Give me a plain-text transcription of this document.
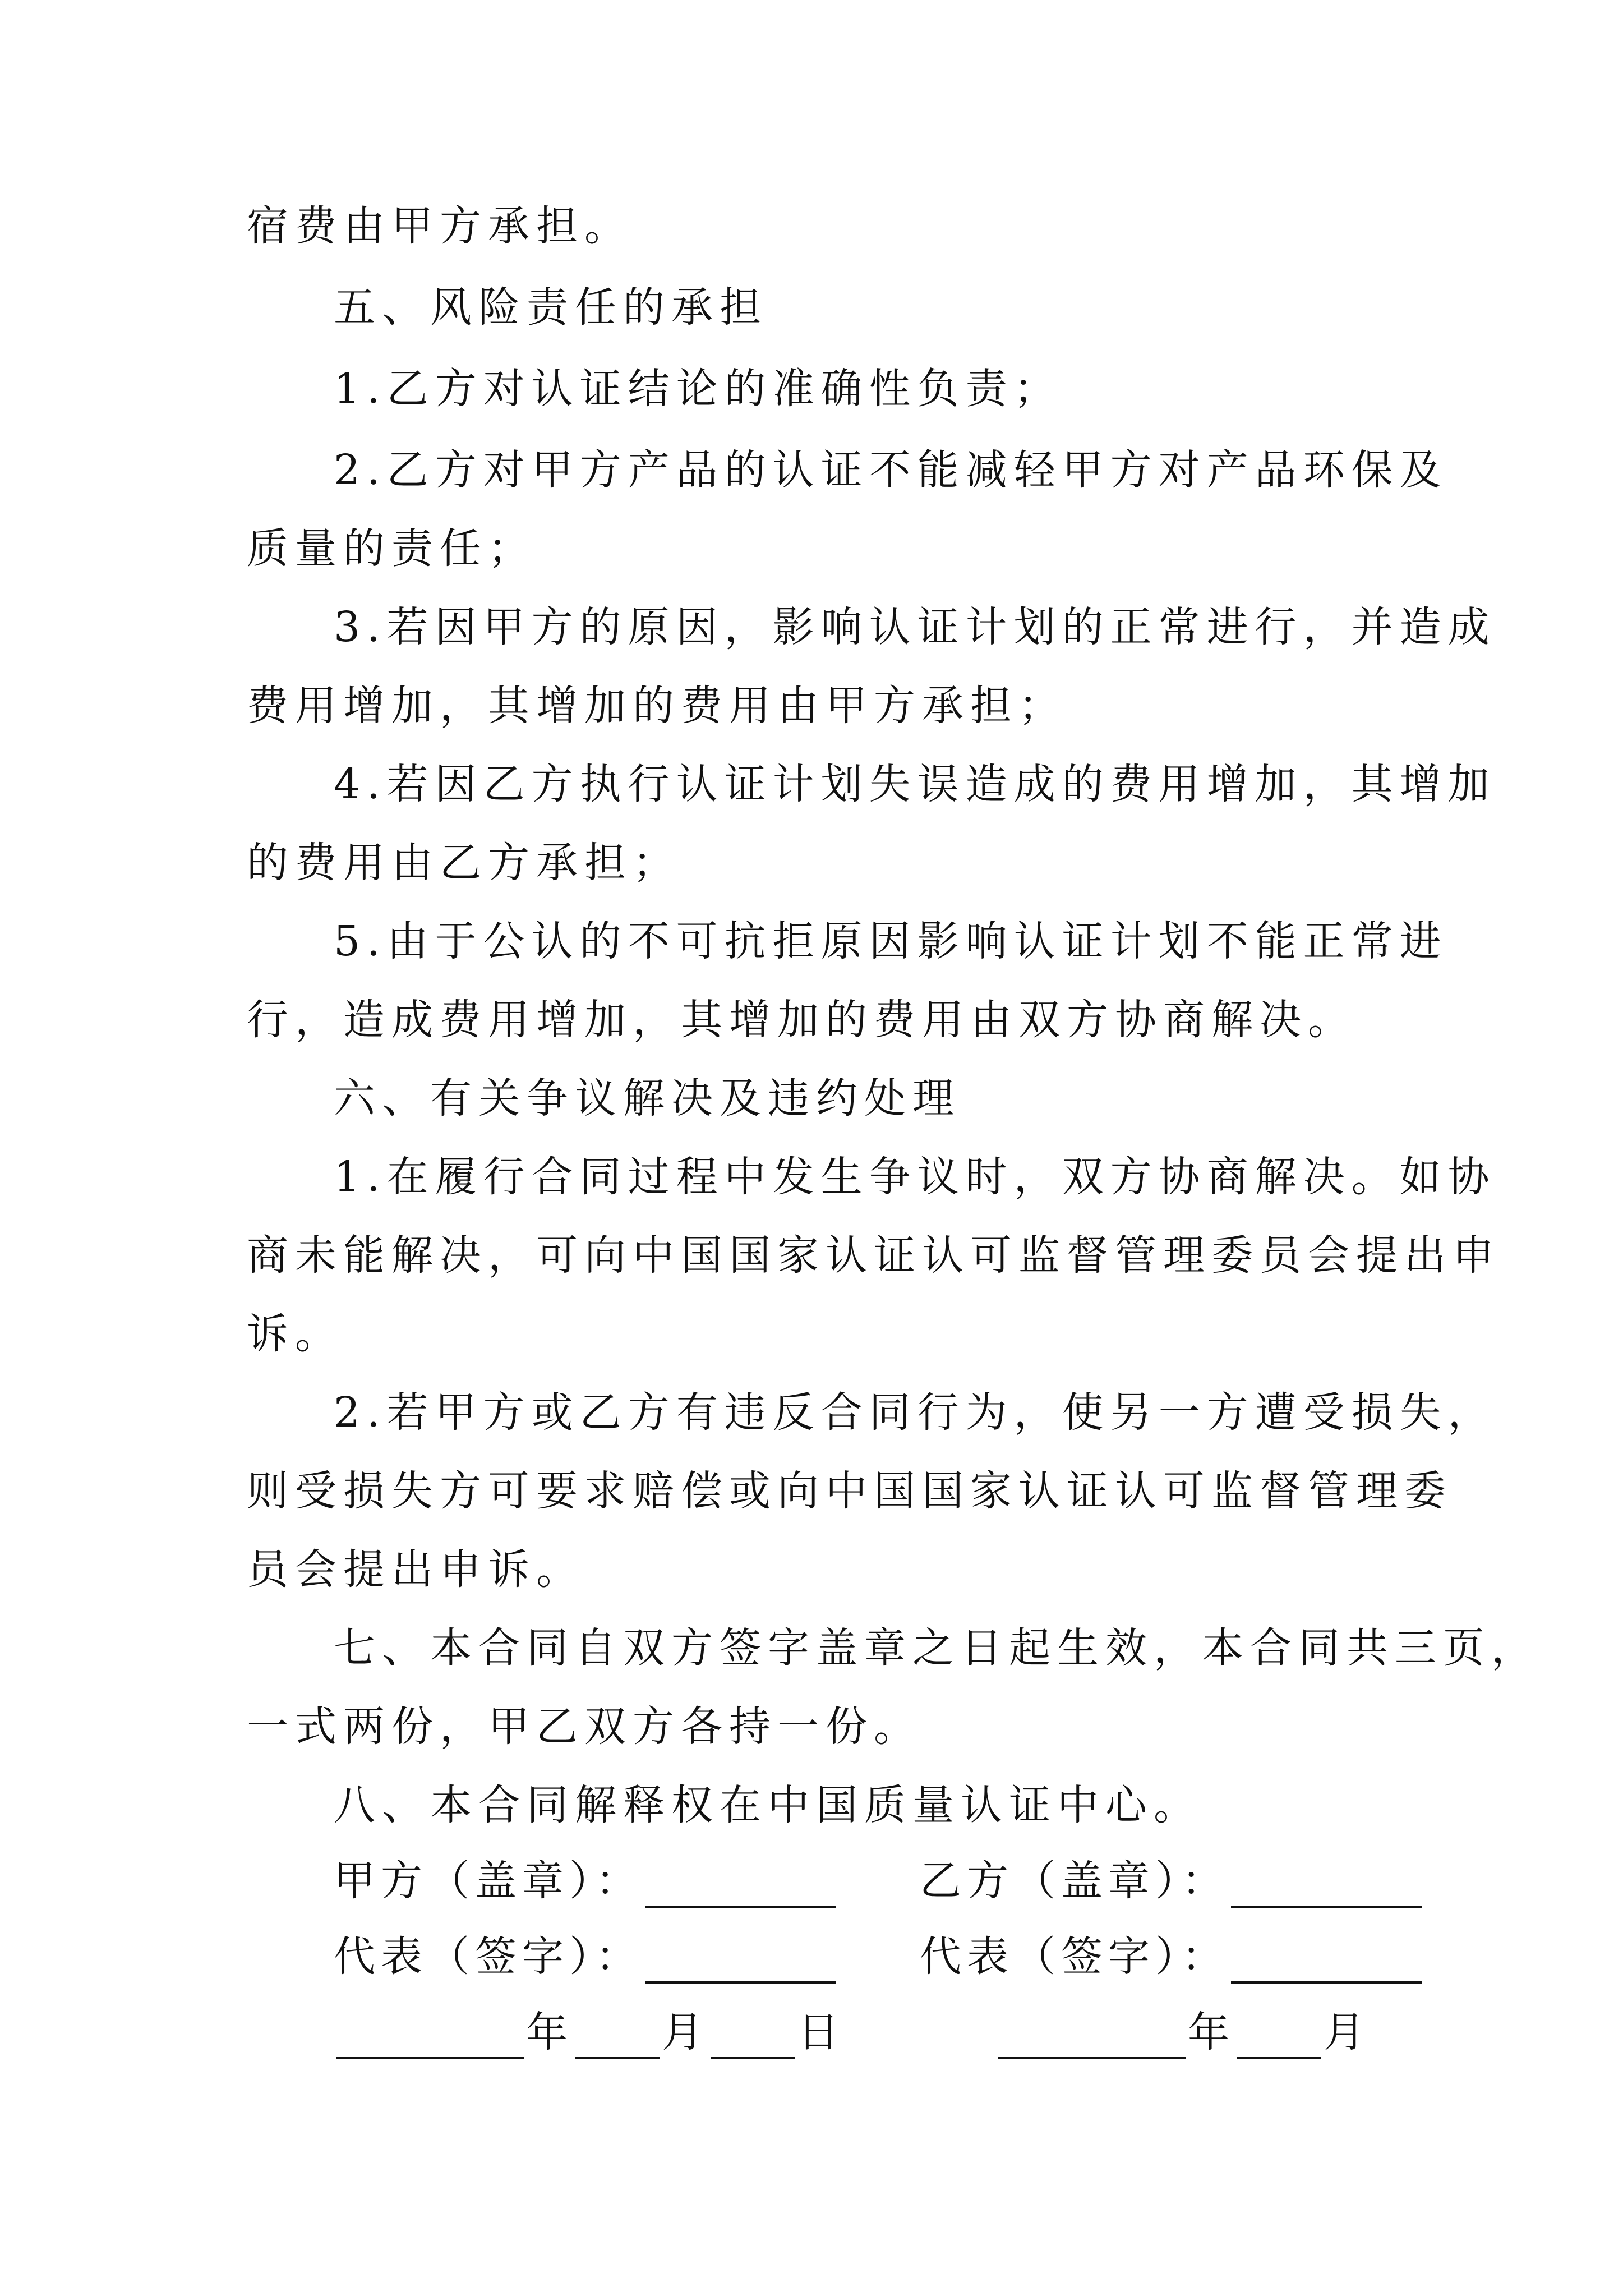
宿费由甲方承担。
五、风险责任的承担
1.乙方对认证结论的准确性负责；
2.乙方对甲方产品的认证不能减轻甲方对产品环保及
质量的责任；
3.若因甲方的原因，影响认证计划的正常进行，并造成
费用增加，其增加的费用由甲方承担；
4.若因乙方执行认证计划失误造成的费用增加，其增加
的费用由乙方承担；
5.由于公认的不可抗拒原因影响认证计划不能正常进
行，造成费用增加，其增加的费用由双方协商解决。
六、有关争议解决及违约处理
1.在履行合同过程中发生争议时，双方协商解决。如协
商未能解决，可向中国国家认证认可监督管理委员会提出申
诉。
2.若甲方或乙方有违反合同行为，使另一方遭受损失，
则受损失方可要求赔偿或向中国国家认证认可监督管理委
员会提出申诉。
七、本合同自双方签字盖章之日起生效，本合同共三页，
一式两份，甲乙双方各持一份。
八、本合同解释权在中国质量认证中心。
甲方（盖章）：	乙方（盖章）：
代表（签字）：	代表（签字）：
年 月 日	年 月
